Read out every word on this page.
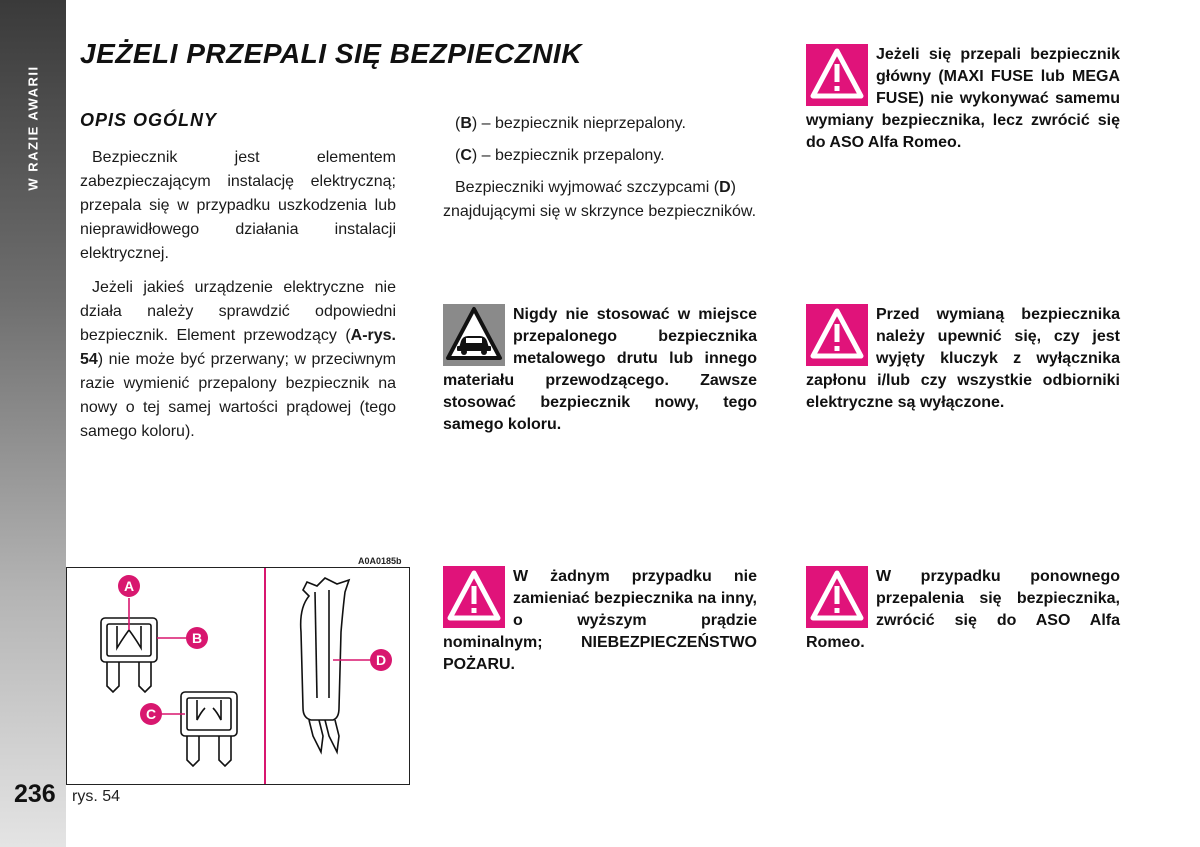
W RAZIE AWARII
236
JEŻELI PRZEPALI SIĘ BEZPIECZNIK
OPIS OGÓLNY

Bezpiecznik jest elementem zabezpieczającym instalację elektryczną; przepala się w przypadku uszkodzenia lub nieprawidłowego działania instalacji elektrycznej.

Jeżeli jakieś urządzenie elektryczne nie działa należy sprawdzić odpowiedni bezpiecznik. Element przewodzący (A-rys. 54) nie może być przerwany; w przeciwnym razie wymienić przepalony bezpiecznik na nowy o tej samej wartości prądowej (tego samego koloru).

(B) – bezpiecznik nieprzepalony.

(C) – bezpiecznik przepalony.

Bezpieczniki wyjmować szczypcami (D) znajdującymi się w skrzynce bezpieczników.

Jeżeli się przepali bezpiecznik główny (MAXI FUSE lub MEGA FUSE) nie wykonywać samemu wymiany bezpiecznika, lecz zwrócić się do ASO Alfa Romeo.
Nigdy nie stosować w miejsce przepalonego bezpiecznika metalowego drutu lub innego materiału przewodzącego. Zawsze stosować bezpiecznik nowy, tego samego koloru.
Przed wymianą bezpiecznika należy upewnić się, czy jest wyjęty kluczyk z wyłącznika zapłonu i/lub czy wszystkie odbiorniki elektryczne są wyłączone.
W żadnym przypadku nie zamieniać bezpiecznika na inny, o wyższym prądzie nominalnym; NIEBEZPIECZEŃSTWO POŻARU.
W przypadku ponownego przepalenia się bezpiecznika, zwrócić się do ASO Alfa Romeo.
A0A0185b
A
B
C
D
rys. 54
